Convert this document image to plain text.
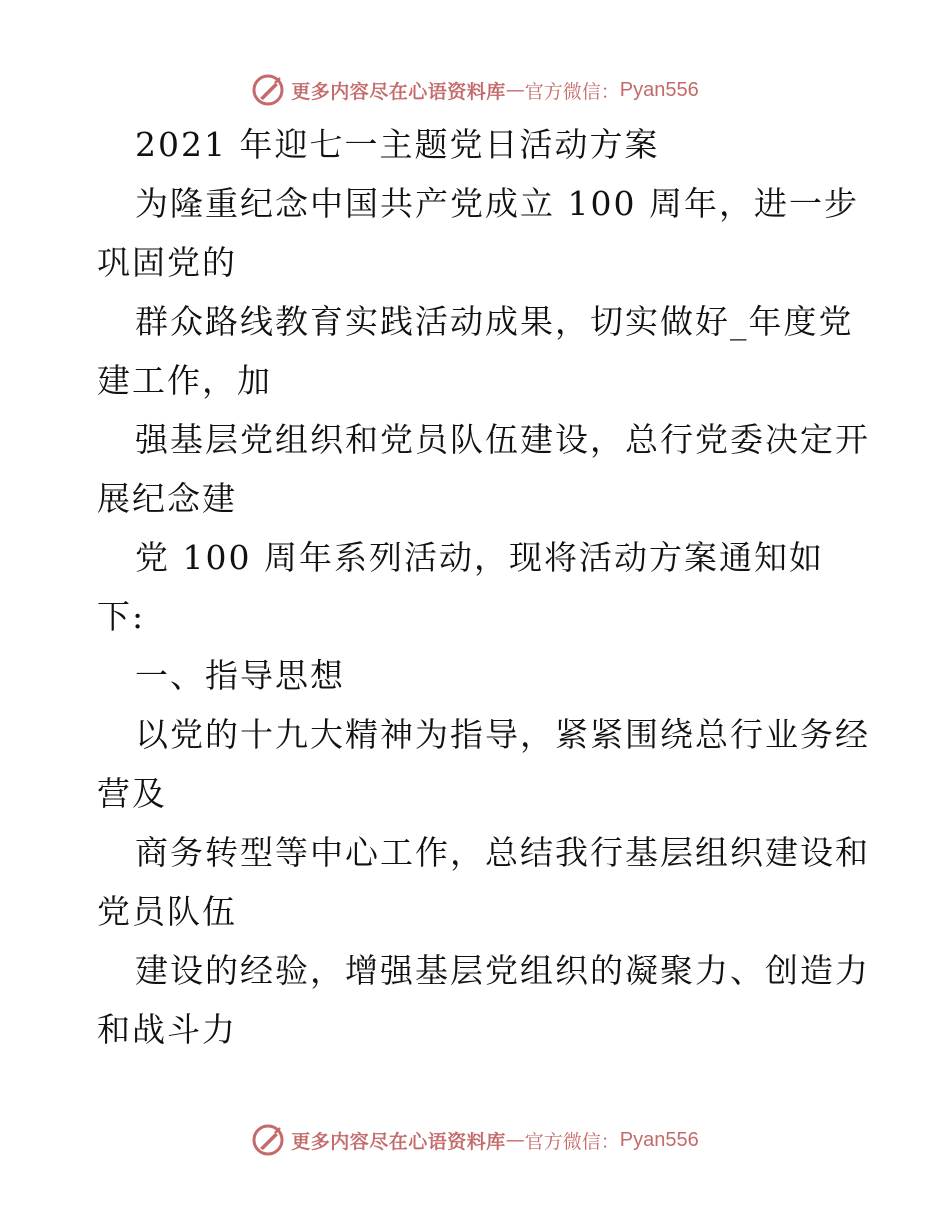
更多内容尽在心语资料库 — 官方微信： Pyan556
2021 年迎七一主题党日活动方案
为隆重纪念中国共产党成立 100 周年，进一步
巩固党的
群众路线教育实践活动成果，切实做好_年度党
建工作，加
强基层党组织和党员队伍建设，总行党委决定开
展纪念建
党 100 周年系列活动，现将活动方案通知如
下:
一、指导思想
以党的十九大精神为指导，紧紧围绕总行业务经
营及
商务转型等中心工作，总结我行基层组织建设和
党员队伍
建设的经验，增强基层党组织的凝聚力、创造力
和战斗力
更多内容尽在心语资料库 — 官方微信： Pyan556
